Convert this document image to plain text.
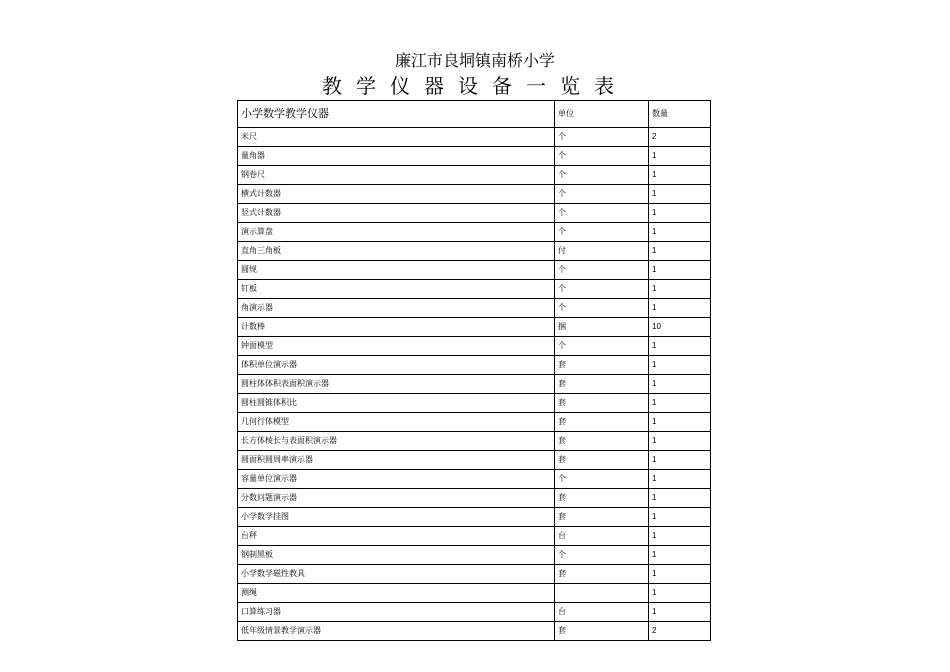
廉江市良垌镇南桥小学
教学仪器设备一览表
小学数学教学仪器	单位	数量
米尺	个	2
量角器	个	1
钢卷尺	个	1
横式计数器	个	1
竖式计数器	个	1
演示算盘	个	1
直角三角板	付	1
圆规	个	1
钉板	个	1
角演示器	个	1
计数棒	捆	10
钟面模型	个	1
体积单位演示器	套	1
圆柱体体积表面积演示器	套	1
圆柱圆锥体积比	套	1
几何行体模型	套	1
长方体棱长与表面积演示器	套	1
圆面积圆周率演示器	套	1
容量单位演示器	个	1
分数问题演示器	套	1
小学数学挂图	套	1
台秤	台	1
钢制黑板	个	1
小学数学磁性教具	套	1
测绳		1
口算练习器	台	1
低年级情景教学演示器	套	2
